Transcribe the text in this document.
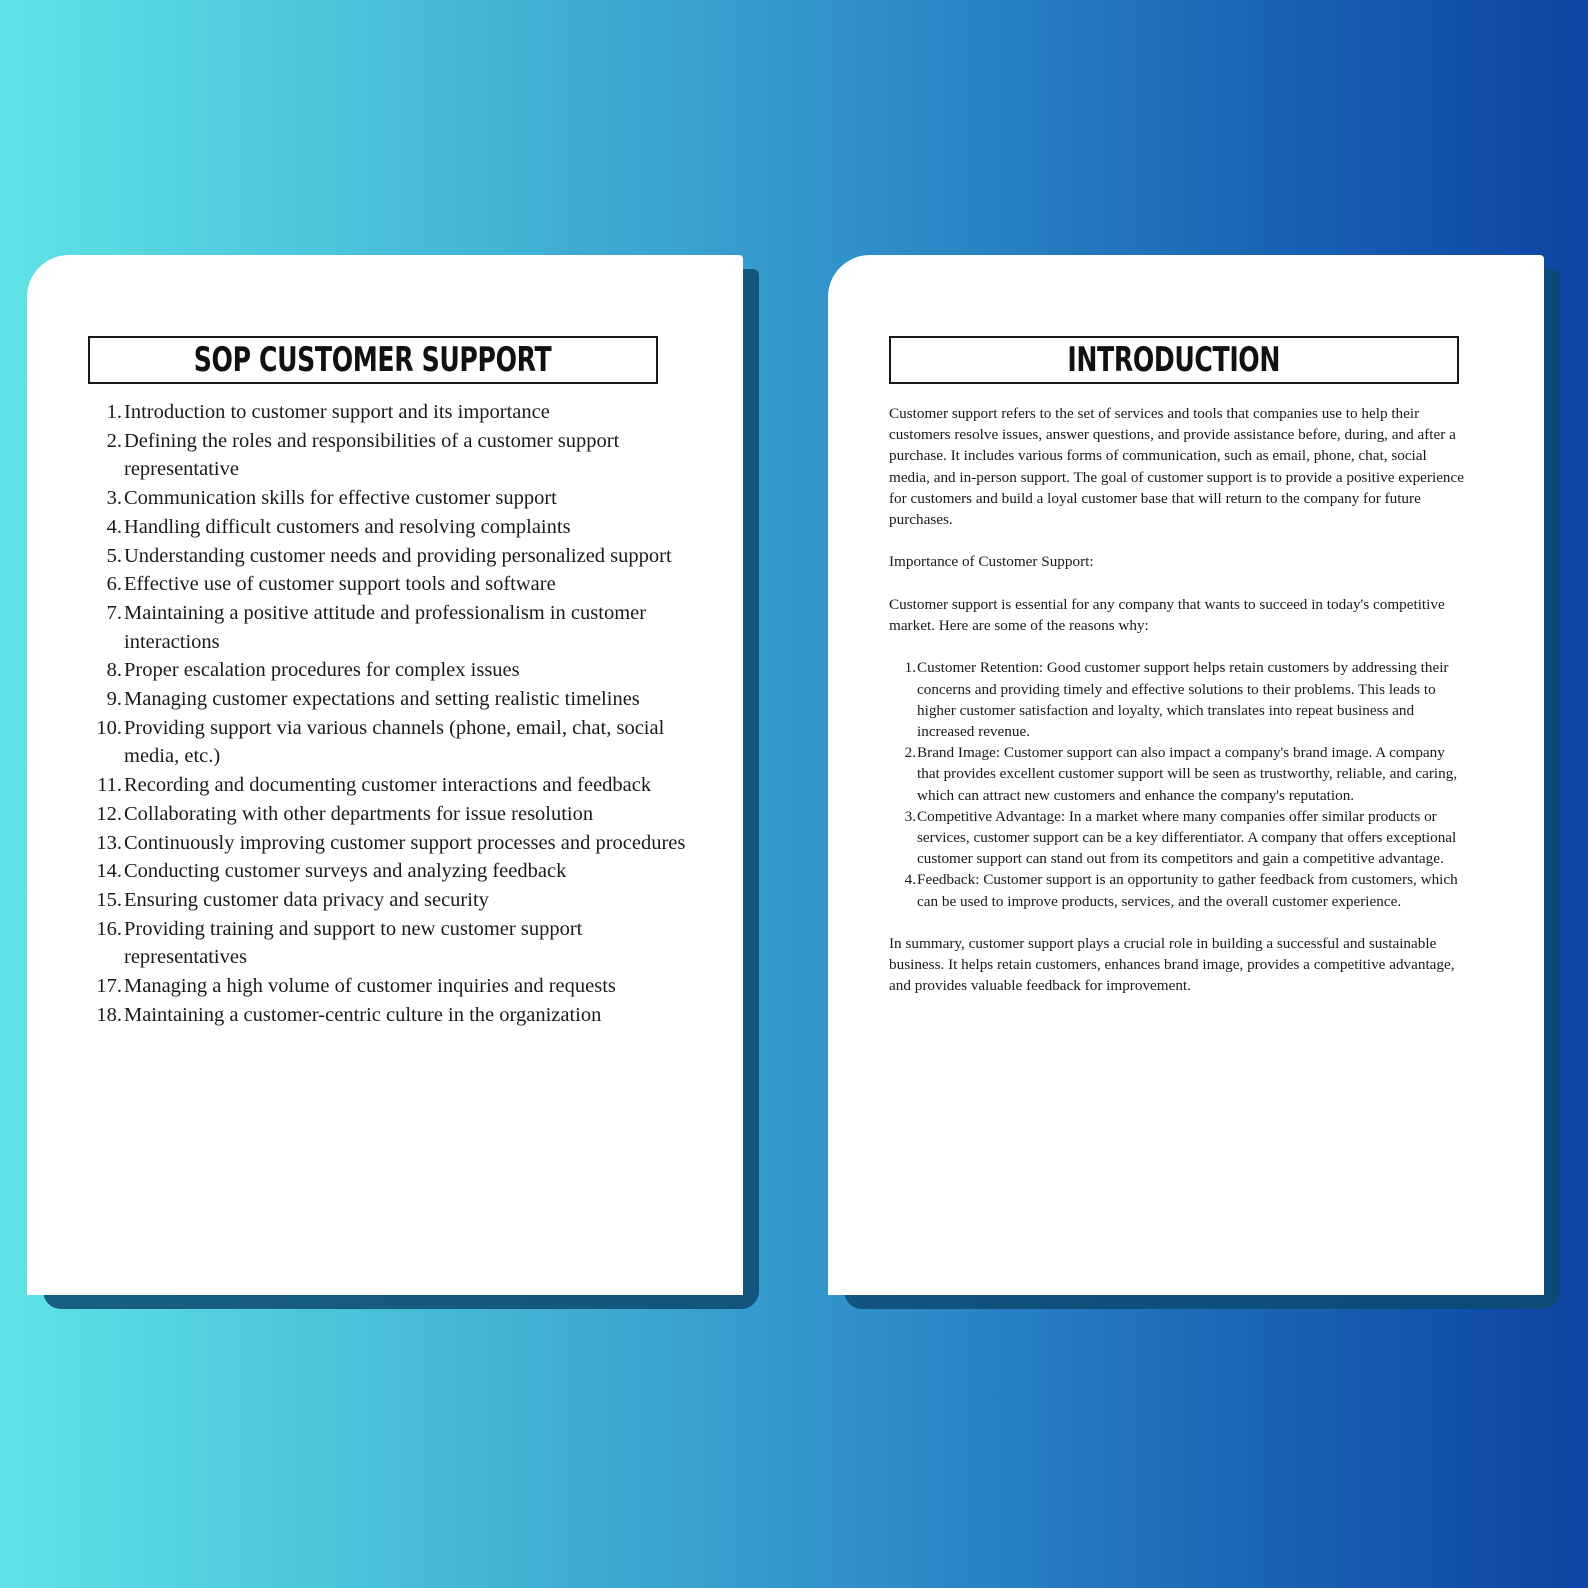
SOP CUSTOMER SUPPORT
1. Introduction to customer support and its importance
2. Defining the roles and responsibilities of a customer support representative
3. Communication skills for effective customer support
4. Handling difficult customers and resolving complaints
5. Understanding customer needs and providing personalized support
6. Effective use of customer support tools and software
7. Maintaining a positive attitude and professionalism in customer interactions
8. Proper escalation procedures for complex issues
9. Managing customer expectations and setting realistic timelines
10. Providing support via various channels (phone, email, chat, social media, etc.)
11. Recording and documenting customer interactions and feedback
12. Collaborating with other departments for issue resolution
13. Continuously improving customer support processes and procedures
14. Conducting customer surveys and analyzing feedback
15. Ensuring customer data privacy and security
16. Providing training and support to new customer support representatives
17. Managing a high volume of customer inquiries and requests
18. Maintaining a customer-centric culture in the organization
INTRODUCTION

Customer support refers to the set of services and tools that companies use to help their customers resolve issues, answer questions, and provide assistance before, during, and after a purchase. It includes various forms of communication, such as email, phone, chat, social media, and in-person support. The goal of customer support is to provide a positive experience for customers and build a loyal customer base that will return to the company for future purchases.

Importance of Customer Support:

Customer support is essential for any company that wants to succeed in today's competitive market. Here are some of the reasons why:

1. Customer Retention: Good customer support helps retain customers by addressing their concerns and providing timely and effective solutions to their problems. This leads to higher customer satisfaction and loyalty, which translates into repeat business and increased revenue.
2. Brand Image: Customer support can also impact a company's brand image. A company that provides excellent customer support will be seen as trustworthy, reliable, and caring, which can attract new customers and enhance the company's reputation.
3. Competitive Advantage: In a market where many companies offer similar products or services, customer support can be a key differentiator. A company that offers exceptional customer support can stand out from its competitors and gain a competitive advantage.
4. Feedback: Customer support is an opportunity to gather feedback from customers, which can be used to improve products, services, and the overall customer experience.

In summary, customer support plays a crucial role in building a successful and sustainable business. It helps retain customers, enhances brand image, provides a competitive advantage, and provides valuable feedback for improvement.
